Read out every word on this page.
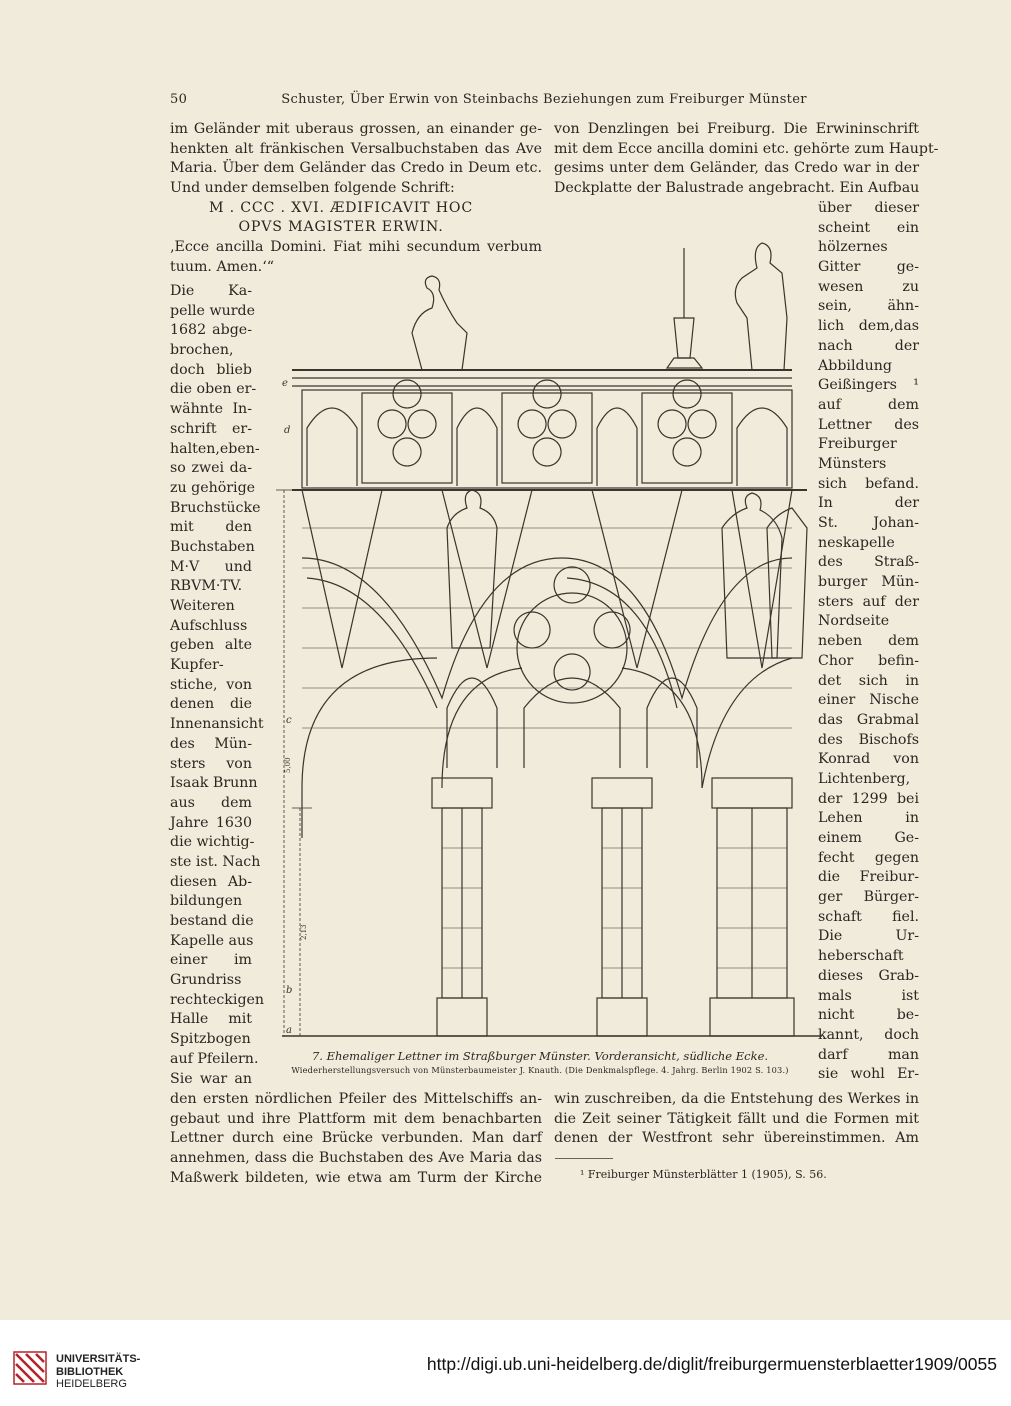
50	Schuster, Über Erwin von Steinbachs Beziehungen zum Freiburger Münster
im Geländer mit uberaus grossen, an einander ge-
henkten alt fränkischen Versalbuchstaben das Ave
Maria. Über dem Geländer das Credo in Deum etc.
Und under demselben folgende Schrift:
M . CCC . XVI. ÆDIFICAVIT HOC
OPVS MAGISTER ERWIN.
‚Ecce ancilla Domini. Fiat mihi secundum verbum
tuum. Amen.‘“
Die Ka-
pelle wurde
1682 abge-
brochen,
doch blieb
die oben er-
wähnte In-
schrift er-
halten,eben-
so zwei da-
zu gehörige
Bruchstücke
mit den
Buchstaben
M·V und
RBVM·TV.
Weiteren
Aufschluss
geben alte
Kupfer-
stiche, von
denen die
Innenansicht
des Mün-
sters von
Isaak Brunn
aus dem
Jahre 1630
die wichtig-
ste ist. Nach
diesen Ab-
bildungen
bestand die
Kapelle aus
einer im
Grundriss
rechteckigen
Halle mit
Spitzbogen
auf Pfeilern.
Sie war an
den ersten nördlichen Pfeiler des Mittelschiffs an-
gebaut und ihre Plattform mit dem benachbarten
Lettner durch eine Brücke verbunden. Man darf
annehmen, dass die Buchstaben des Ave Maria das
Maßwerk bildeten, wie etwa am Turm der Kirche
von Denzlingen bei Freiburg. Die Erwininschrift
mit dem Ecce ancilla domini etc. gehörte zum Haupt-
gesims unter dem Geländer, das Credo war in der
Deckplatte der Balustrade angebracht. Ein Aufbau
über dieser
scheint ein
hölzernes
Gitter ge-
wesen zu
sein, ähn-
lich dem,das
nach der
Abbildung
Geißingers ¹
auf dem
Lettner des
Freiburger
Münsters
sich befand.
In der
St. Johan-
neskapelle
des Straß-
burger Mün-
sters auf der
Nordseite
neben dem
Chor befin-
det sich in
einer Nische
das Grabmal
des Bischofs
Konrad von
Lichtenberg,
der 1299 bei
Lehen in
einem Ge-
fecht gegen
die Freibur-
ger Bürger-
schaft fiel.
Die Ur-
heberschaft
dieses Grab-
mals ist
nicht be-
kannt, doch
darf man
sie wohl Er-
win zuschreiben, da die Entstehung des Werkes in
die Zeit seiner Tätigkeit fällt und die Formen mit
denen der Westfront sehr übereinstimmen. Am
e
d
c
b
a
5,00
2,13
7. Ehemaliger Lettner im Straßburger Münster. Vorderansicht, südliche Ecke.
Wiederherstellungsversuch von Münsterbaumeister J. Knauth. (Die Denkmalspflege. 4. Jahrg. Berlin 1902 S. 103.)
¹ Freiburger Münsterblätter 1 (1905), S. 56.
UNIVERSITÄTS-
BIBLIOTHEK
HEIDELBERG
http://digi.ub.uni-heidelberg.de/diglit/freiburgermuensterblaetter1909/0055
